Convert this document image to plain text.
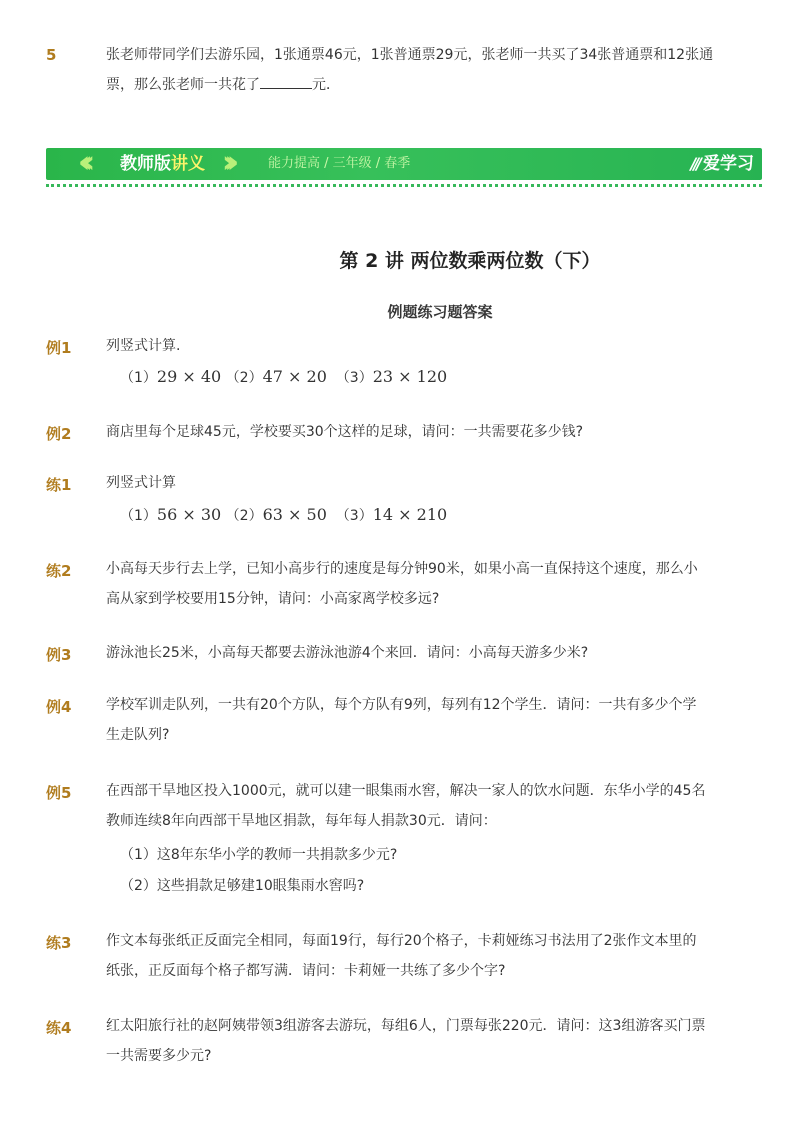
5	张老师带同学们去游乐园，1张通票46元，1张普通票29元，张老师一共买了34张普通票和12张通
票，那么张老师一共花了	元．
‹‹‹ 教师版讲义 ›››	能力提高 / 三年级 / 春季	/// 爱学习
第 2 讲 两位数乘两位数（下）
例题练习题答案
例1 列竖式计算.
（1）29 × 40 （2）47 × 20 （3）23 × 120
例2 商店里每个足球45元，学校要买30个这样的足球，请问：一共需要花多少钱?
练1 列竖式计算
（1）56 × 30 （2）63 × 50 （3）14 × 210
练2 小高每天步行去上学，已知小高步行的速度是每分钟90米，如果小高一直保持这个速度，那么小
高从家到学校要用15分钟，请问：小高家离学校多远?
例3 游泳池长25米，小高每天都要去游泳池游4个来回．请问：小高每天游多少米?
例4 学校军训走队列，一共有20个方队，每个方队有9列，每列有12个学生．请问：一共有多少个学
生走队列?
例5 在西部干旱地区投入1000元，就可以建一眼集雨水窖，解决一家人的饮水问题．东华小学的45名
教师连续8年向西部干旱地区捐款，每年每人捐款30元．请问：
（1）这8年东华小学的教师一共捐款多少元?
（2）这些捐款足够建10眼集雨水窖吗?
练3 作文本每张纸正反面完全相同，每面19行，每行20个格子，卡莉娅练习书法用了2张作文本里的
纸张，正反面每个格子都写满．请问：卡莉娅一共练了多少个字?
练4 红太阳旅行社的赵阿姨带领3组游客去游玩，每组6人，门票每张220元．请问：这3组游客买门票
一共需要多少元?
